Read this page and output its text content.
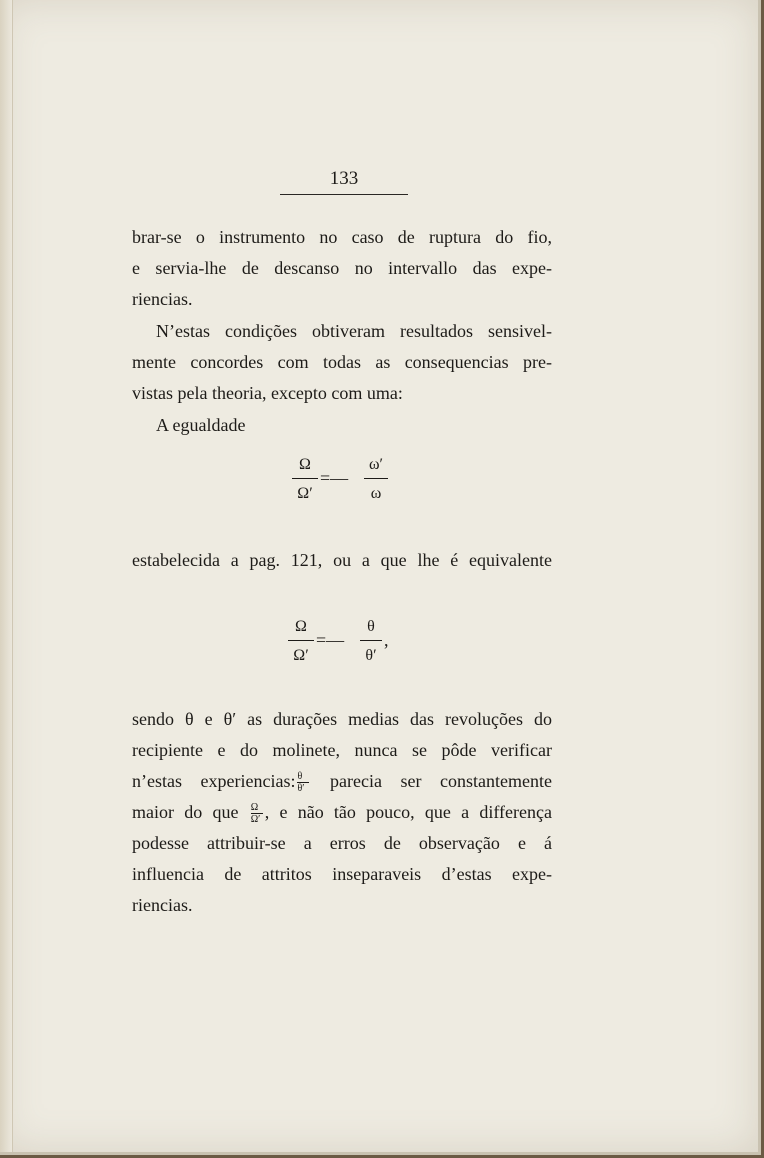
133
brar-se o instrumento no caso de ruptura do fio,
e servia-lhe de descanso no intervallo das expe-
riencias.
N’estas condições obtiveram resultados sensivel-
mente concordes com todas as consequencias pre-
vistas pela theoria, excepto com uma:
A egualdade
Ω
Ω′
=—
ω′
ω
estabelecida a pag. 121, ou a que lhe é equivalente
Ω
Ω′
=—
θ
θ′
,
sendo θ e θ′ as durações medias das revoluções do
recipiente e do molinete, nunca se pôde verificar
n’estas experiencias: $\frac{\theta}{\theta'}$ parecia ser constantemente
maior do que $\frac{\Omega}{\Omega'}$ , e não tão pouco, que a differença
podesse attribuir-se a erros de observação e á
influencia de attritos inseparaveis d’estas expe-
riencias.
